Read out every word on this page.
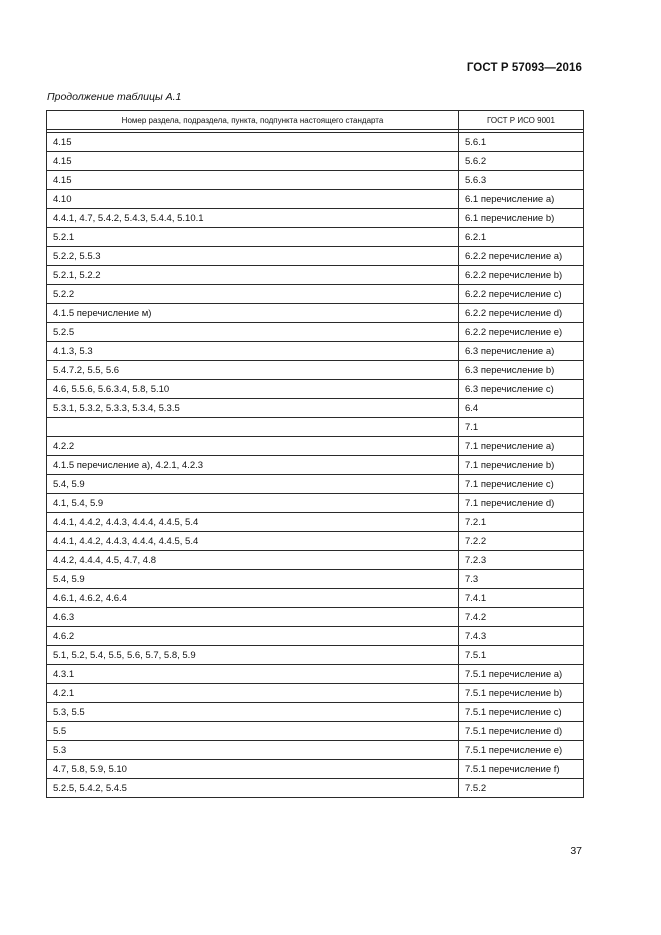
ГОСТ Р 57093—2016
Продолжение таблицы А.1
Номер раздела, подраздела, пункта, подпункта настоящего стандарта	ГОСТ Р ИСО 9001

4.15	5.6.1
4.15	5.6.2
4.15	5.6.3
4.10	6.1 перечисление а)
4.4.1, 4.7, 5.4.2, 5.4.3, 5.4.4, 5.10.1	6.1 перечисление b)
5.2.1	6.2.1
5.2.2, 5.5.3	6.2.2 перечисление а)
5.2.1, 5.2.2	6.2.2 перечисление b)
5.2.2	6.2.2 перечисление c)
4.1.5 перечисление м)	6.2.2 перечисление d)
5.2.5	6.2.2 перечисление е)
4.1.3, 5.3	6.3 перечисление а)
5.4.7.2, 5.5, 5.6	6.3 перечисление b)
4.6, 5.5.6, 5.6.3.4, 5.8, 5.10	6.3 перечисление c)
5.3.1, 5.3.2, 5.3.3, 5.3.4, 5.3.5	6.4
	7.1
4.2.2	7.1 перечисление а)
4.1.5 перечисление а), 4.2.1, 4.2.3	7.1 перечисление b)
5.4, 5.9	7.1 перечисление c)
4.1, 5.4, 5.9	7.1 перечисление d)
4.4.1, 4.4.2, 4.4.3, 4.4.4, 4.4.5, 5.4	7.2.1
4.4.1, 4.4.2, 4.4.3, 4.4.4, 4.4.5, 5.4	7.2.2
4.4.2, 4.4.4, 4.5, 4.7, 4.8	7.2.3
5.4, 5.9	7.3
4.6.1, 4.6.2, 4.6.4	7.4.1
4.6.3	7.4.2
4.6.2	7.4.3
5.1, 5.2, 5.4, 5.5, 5.6, 5.7, 5.8, 5.9	7.5.1
4.3.1	7.5.1 перечисление а)
4.2.1	7.5.1 перечисление b)
5.3, 5.5	7.5.1 перечисление c)
5.5	7.5.1 перечисление d)
5.3	7.5.1 перечисление е)
4.7, 5.8, 5.9, 5.10	7.5.1 перечисление f)
5.2.5, 5.4.2, 5.4.5	7.5.2
37
